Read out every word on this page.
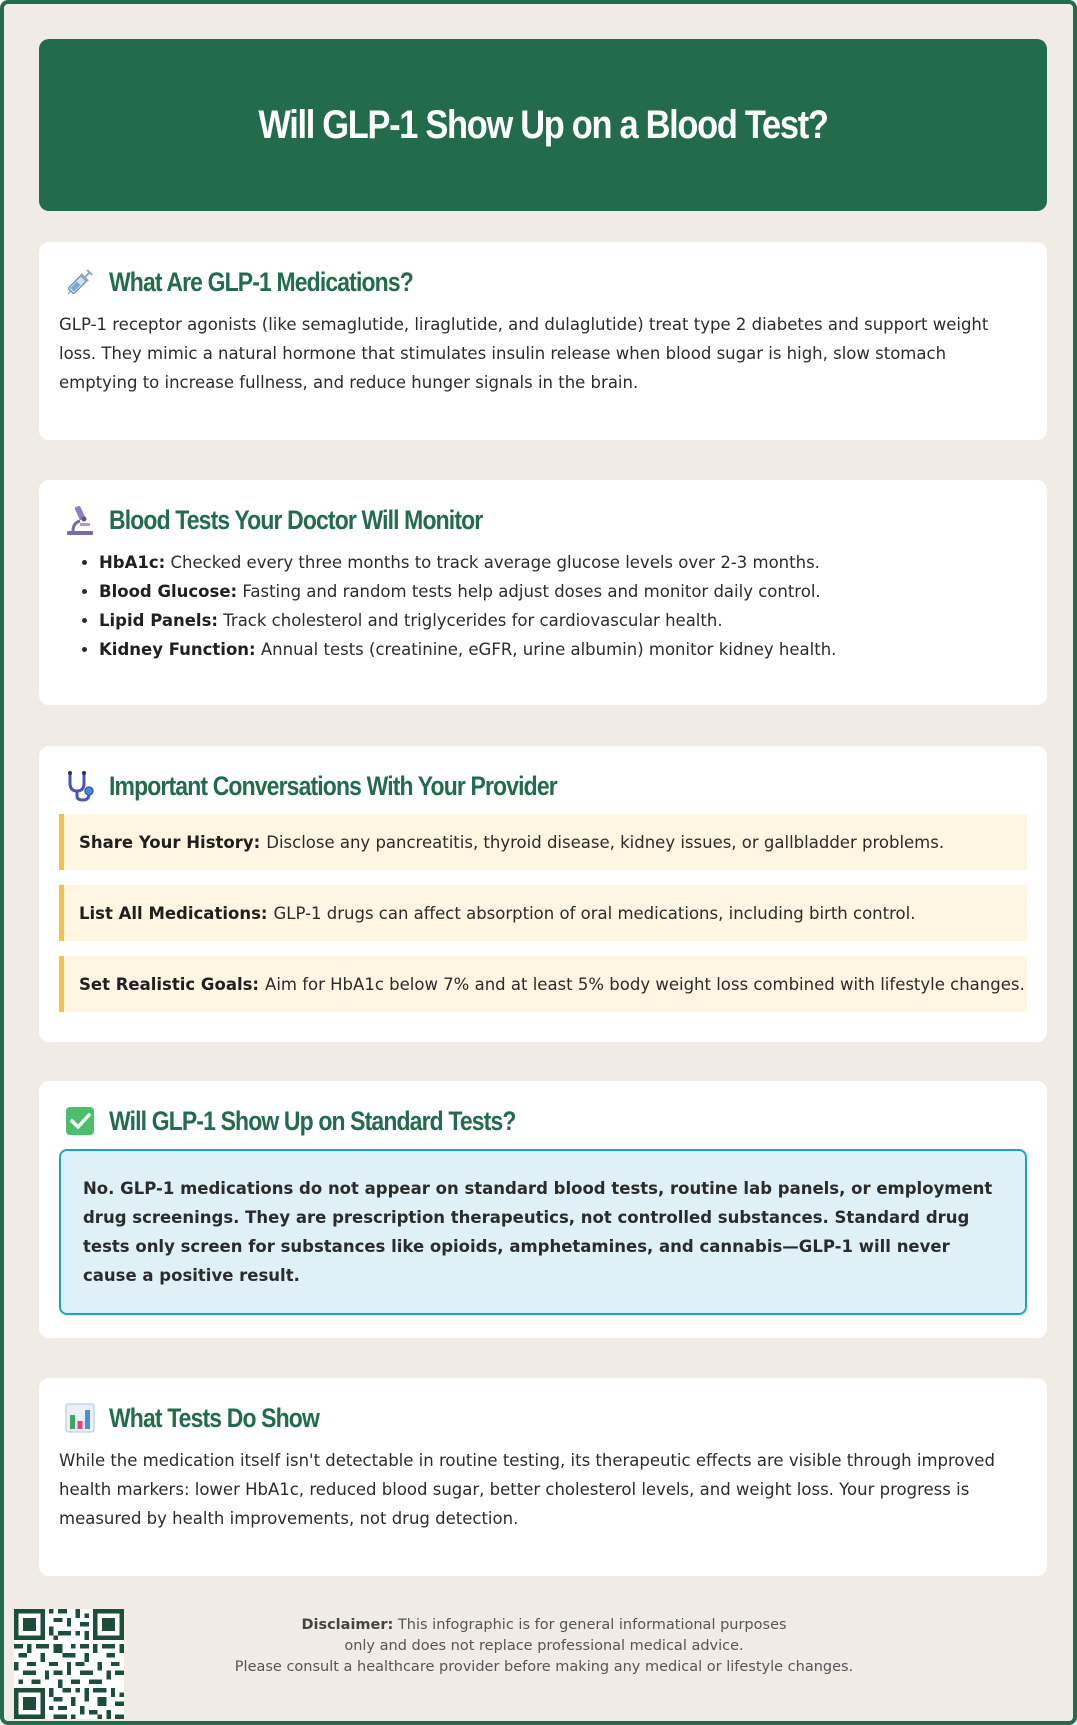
Will GLP-1 Show Up on a Blood Test?
What Are GLP-1 Medications?

GLP-1 receptor agonists (like semaglutide, liraglutide, and dulaglutide) treat type 2 diabetes and support weight loss. They mimic a natural hormone that stimulates insulin release when blood sugar is high, slow stomach emptying to increase fullness, and reduce hunger signals in the brain.

Blood Tests Your Doctor Will Monitor
• HbA1c: Checked every three months to track average glucose levels over 2-3 months.
• Blood Glucose: Fasting and random tests help adjust doses and monitor daily control.
• Lipid Panels: Track cholesterol and triglycerides for cardiovascular health.
• Kidney Function: Annual tests (creatinine, eGFR, urine albumin) monitor kidney health.
Important Conversations With Your Provider
Share Your History: Disclose any pancreatitis, thyroid disease, kidney issues, or gallbladder problems.
List All Medications: GLP-1 drugs can affect absorption of oral medications, including birth control.
Set Realistic Goals: Aim for HbA1c below 7% and at least 5% body weight loss combined with lifestyle changes.
Will GLP-1 Show Up on Standard Tests?
No. GLP-1 medications do not appear on standard blood tests, routine lab panels, or employment drug screenings. They are prescription therapeutics, not controlled substances. Standard drug tests only screen for substances like opioids, amphetamines, and cannabis—GLP-1 will never cause a positive result.
What Tests Do Show

While the medication itself isn't detectable in routine testing, its therapeutic effects are visible through improved health markers: lower HbA1c, reduced blood sugar, better cholesterol levels, and weight loss. Your progress is measured by health improvements, not drug detection.

Disclaimer: This infographic is for general informational purposes
only and does not replace professional medical advice.
Please consult a healthcare provider before making any medical or lifestyle changes.
